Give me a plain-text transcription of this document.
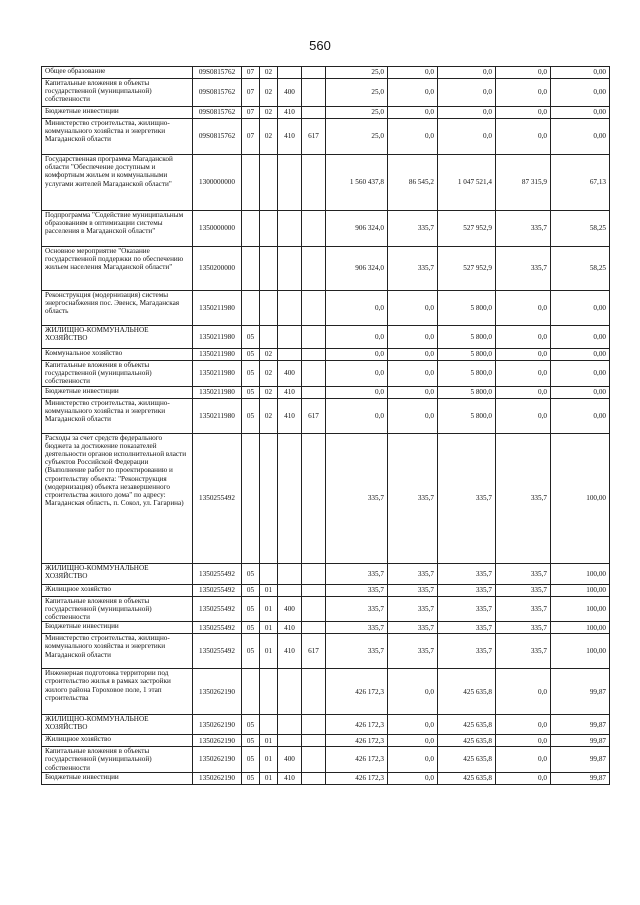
560
Общее образование	09S0815762	07	02			25,0	0,0	0,0	0,0	0,00
Капитальные вложения в объекты государственной (муниципальной) собственности	09S0815762	07	02	400		25,0	0,0	0,0	0,0	0,00
Бюджетные инвестиции	09S0815762	07	02	410		25,0	0,0	0,0	0,0	0,00
Министерство строительства, жилищно-коммунального хозяйства и энергетики Магаданской области	09S0815762	07	02	410	617	25,0	0,0	0,0	0,0	0,00
Государственная программа Магаданской области "Обеспечение доступным и комфортным жильем и коммунальными услугами жителей Магаданской области"	1300000000					1 560 437,8	86 545,2	1 047 521,4	87 315,9	67,13
Подпрограмма "Содействие муниципальным образованиям в оптимизации системы расселения в Магаданской области"	1350000000					906 324,0	335,7	527 952,9	335,7	58,25
Основное мероприятие "Оказание государственной поддержки по обеспечению жильем населения Магаданской области"	1350200000					906 324,0	335,7	527 952,9	335,7	58,25
Реконструкция (модернизация) системы энергоснабжения пос. Эвенск, Магаданская область	1350211980					0,0	0,0	5 800,0	0,0	0,00
ЖИЛИЩНО-КОММУНАЛЬНОЕ ХОЗЯЙСТВО	1350211980	05				0,0	0,0	5 800,0	0,0	0,00
Коммунальное хозяйство	1350211980	05	02			0,0	0,0	5 800,0	0,0	0,00
Капитальные вложения в объекты государственной (муниципальной) собственности	1350211980	05	02	400		0,0	0,0	5 800,0	0,0	0,00
Бюджетные инвестиции	1350211980	05	02	410		0,0	0,0	5 800,0	0,0	0,00
Министерство строительства, жилищно-коммунального хозяйства и энергетики Магаданской области	1350211980	05	02	410	617	0,0	0,0	5 800,0	0,0	0,00
Расходы за счет средств федерального бюджета за достижение показателей деятельности органов исполнительной власти субъектов Российской Федерации (Выполнение работ по проектированию и строительству объекта: "Реконструкция (модернизация) объекта незавершенного строительства жилого дома" по адресу: Магаданская область, п. Сокол, ул. Гагарина)	1350255492					335,7	335,7	335,7	335,7	100,00
ЖИЛИЩНО-КОММУНАЛЬНОЕ ХОЗЯЙСТВО	1350255492	05				335,7	335,7	335,7	335,7	100,00
Жилищное хозяйство	1350255492	05	01			335,7	335,7	335,7	335,7	100,00
Капитальные вложения в объекты государственной (муниципальной) собственности	1350255492	05	01	400		335,7	335,7	335,7	335,7	100,00
Бюджетные инвестиции	1350255492	05	01	410		335,7	335,7	335,7	335,7	100,00
Министерство строительства, жилищно-коммунального хозяйства и энергетики Магаданской области	1350255492	05	01	410	617	335,7	335,7	335,7	335,7	100,00
Инженерная подготовка территории под строительство жилья в рамках застройки жилого района Гороховое поле, 1 этап строительства	1350262190					426 172,3	0,0	425 635,8	0,0	99,87
ЖИЛИЩНО-КОММУНАЛЬНОЕ ХОЗЯЙСТВО	1350262190	05				426 172,3	0,0	425 635,8	0,0	99,87
Жилищное хозяйство	1350262190	05	01			426 172,3	0,0	425 635,8	0,0	99,87
Капитальные вложения в объекты государственной (муниципальной) собственности	1350262190	05	01	400		426 172,3	0,0	425 635,8	0,0	99,87
Бюджетные инвестиции	1350262190	05	01	410		426 172,3	0,0	425 635,8	0,0	99,87
